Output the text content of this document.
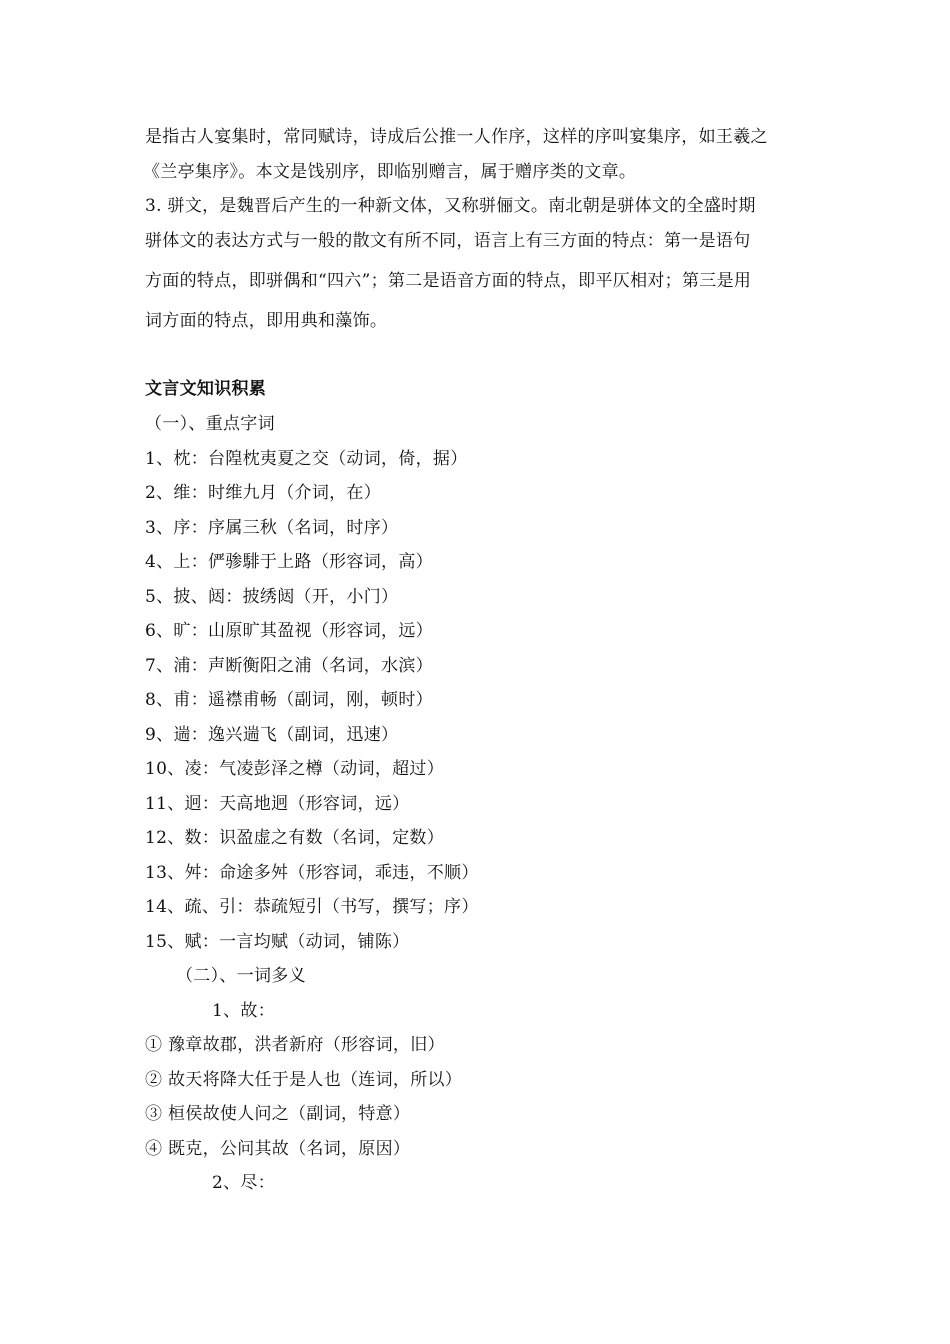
是指古人宴集时，常同赋诗，诗成后公推一人作序，这样的序叫宴集序，如王羲之
《兰亭集序》。本文是饯别序，即临别赠言，属于赠序类的文章。
3. 骈文，是魏晋后产生的一种新文体，又称骈俪文。南北朝是骈体文的全盛时期
骈体文的表达方式与一般的散文有所不同，语言上有三方面的特点：第一是语句
方面的特点，即骈偶和“四六”；第二是语音方面的特点，即平仄相对；第三是用
词方面的特点，即用典和藻饰。
文言文知识积累
（一）、重点字词
1、枕：台隍枕夷夏之交（动词，倚，据）
2、维：时维九月（介词，在）
3、序：序属三秋（名词，时序）
4、上：俨骖騑于上路（形容词，高）
5、披、闼：披绣闼（开，小门）
6、旷：山原旷其盈视（形容词，远）
7、浦：声断衡阳之浦（名词，水滨）
8、甫：遥襟甫畅（副词，刚，顿时）
9、遄：逸兴遄飞（副词，迅速）
10、凌：气凌彭泽之樽（动词，超过）
11、迥：天高地迥（形容词，远）
12、数：识盈虚之有数（名词，定数）
13、舛：命途多舛（形容词，乖违，不顺）
14、疏、引：恭疏短引（书写，撰写；序）
15、赋：一言均赋（动词，铺陈）
（二）、一词多义
1、故：
① 豫章故郡，洪者新府（形容词，旧）
② 故天将降大任于是人也（连词，所以）
③ 桓侯故使人问之（副词，特意）
④ 既克，公问其故（名词，原因）
2、尽：
